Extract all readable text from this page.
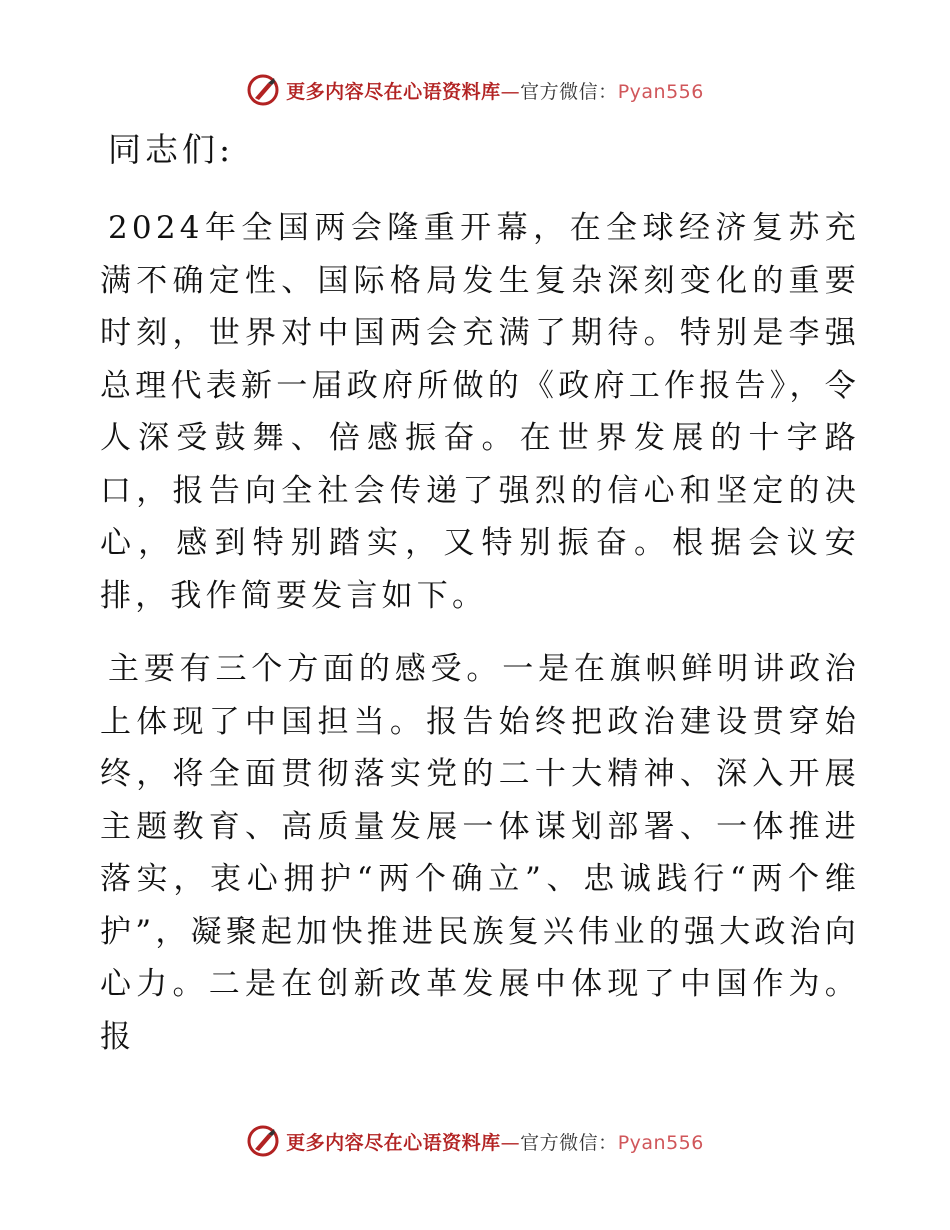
更多内容尽在心语资料库—官方微信：Pyan556
同志们:

2024年全国两会隆重开幕，在全球经济复苏充满不确定性、国际格局发生复杂深刻变化的重要时刻，世界对中国两会充满了期待。特别是李强总理代表新一届政府所做的《政府工作报告》，令人深受鼓舞、倍感振奋。在世界发展的十字路口，报告向全社会传递了强烈的信心和坚定的决心，感到特别踏实，又特别振奋。根据会议安排，我作简要发言如下。

主要有三个方面的感受。一是在旗帜鲜明讲政治上体现了中国担当。报告始终把政治建设贯穿始终，将全面贯彻落实党的二十大精神、深入开展主题教育、高质量发展一体谋划部署、一体推进落实，衷心拥护“两个确立”、忠诚践行“两个维护”，凝聚起加快推进民族复兴伟业的强大政治向心力。二是在创新改革发展中体现了中国作为。报

更多内容尽在心语资料库—官方微信：Pyan556
